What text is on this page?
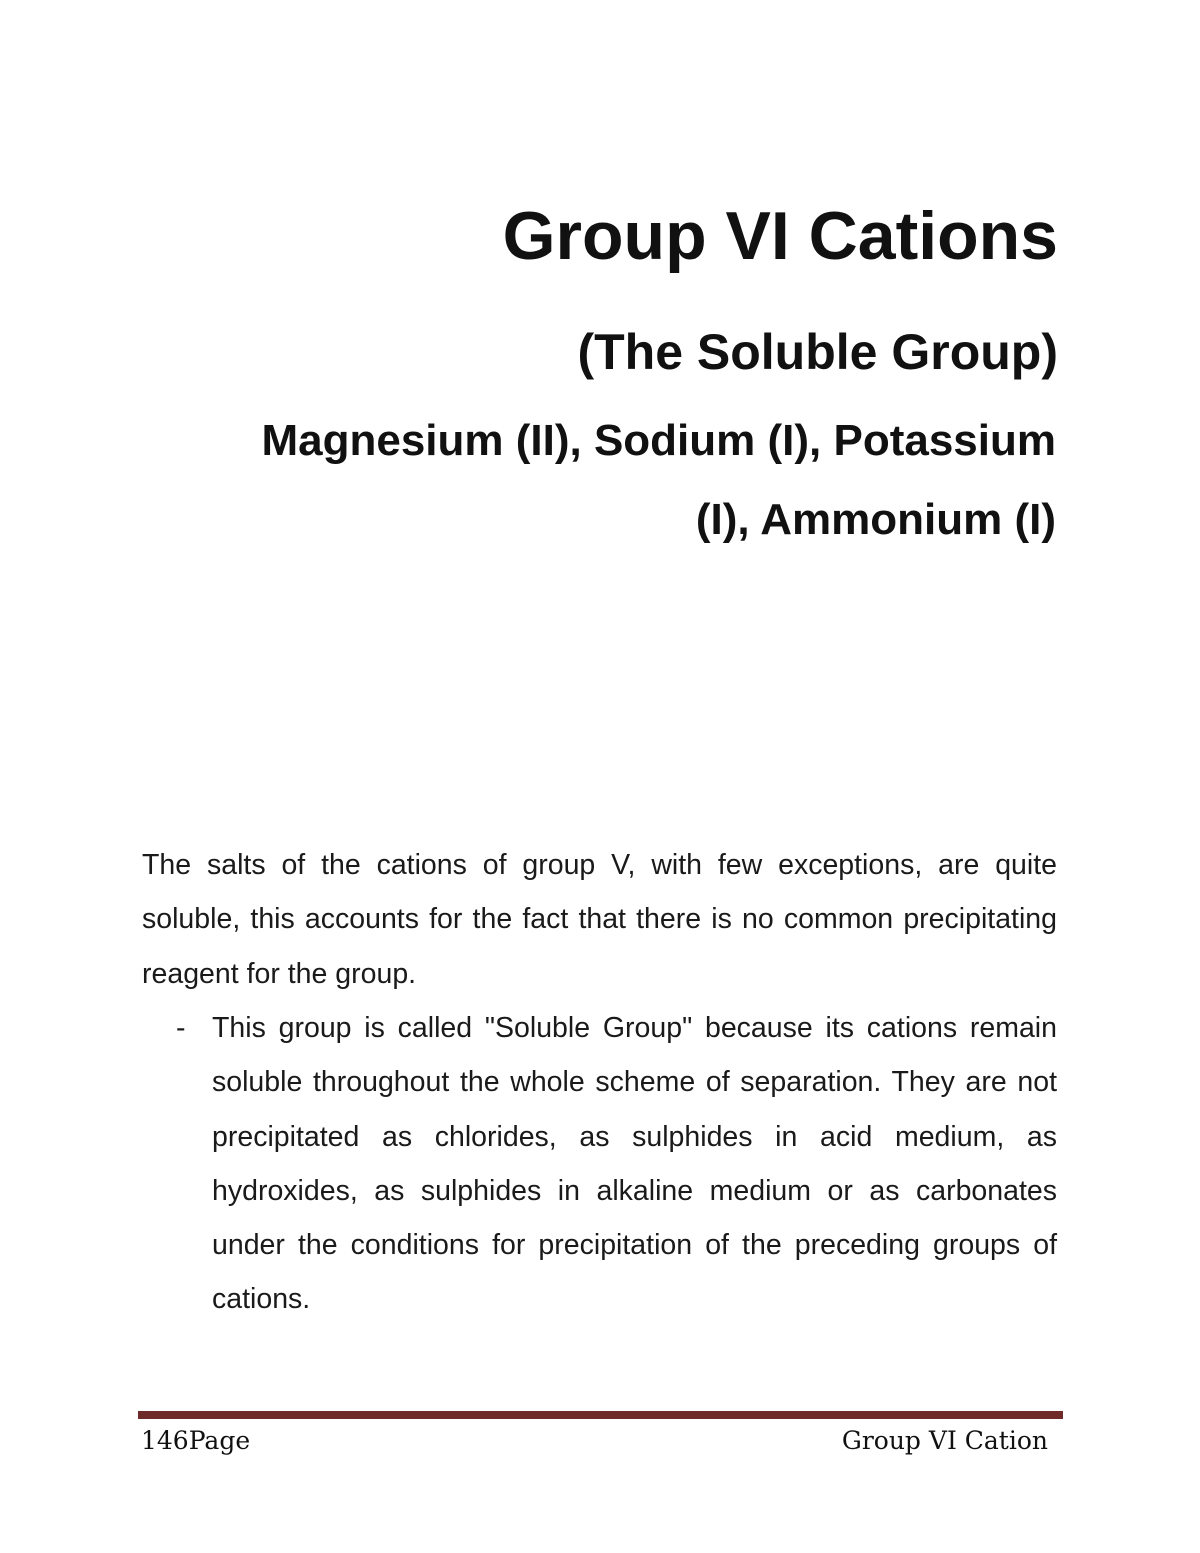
Group VI Cations
(The Soluble Group)
Magnesium (II), Sodium (I), Potassium
(I), Ammonium (I)
The salts of the cations of group V, with few exceptions, are quite soluble, this accounts for the fact that there is no common precipitating reagent for the group.
- This group is called "Soluble Group" because its cations remain soluble throughout the whole scheme of separation. They are not precipitated as chlorides, as sulphides in acid medium, as hydroxides, as sulphides in alkaline medium or as carbonates under the conditions for precipitation of the preceding groups of cations.
146Page	Group VI Cation
